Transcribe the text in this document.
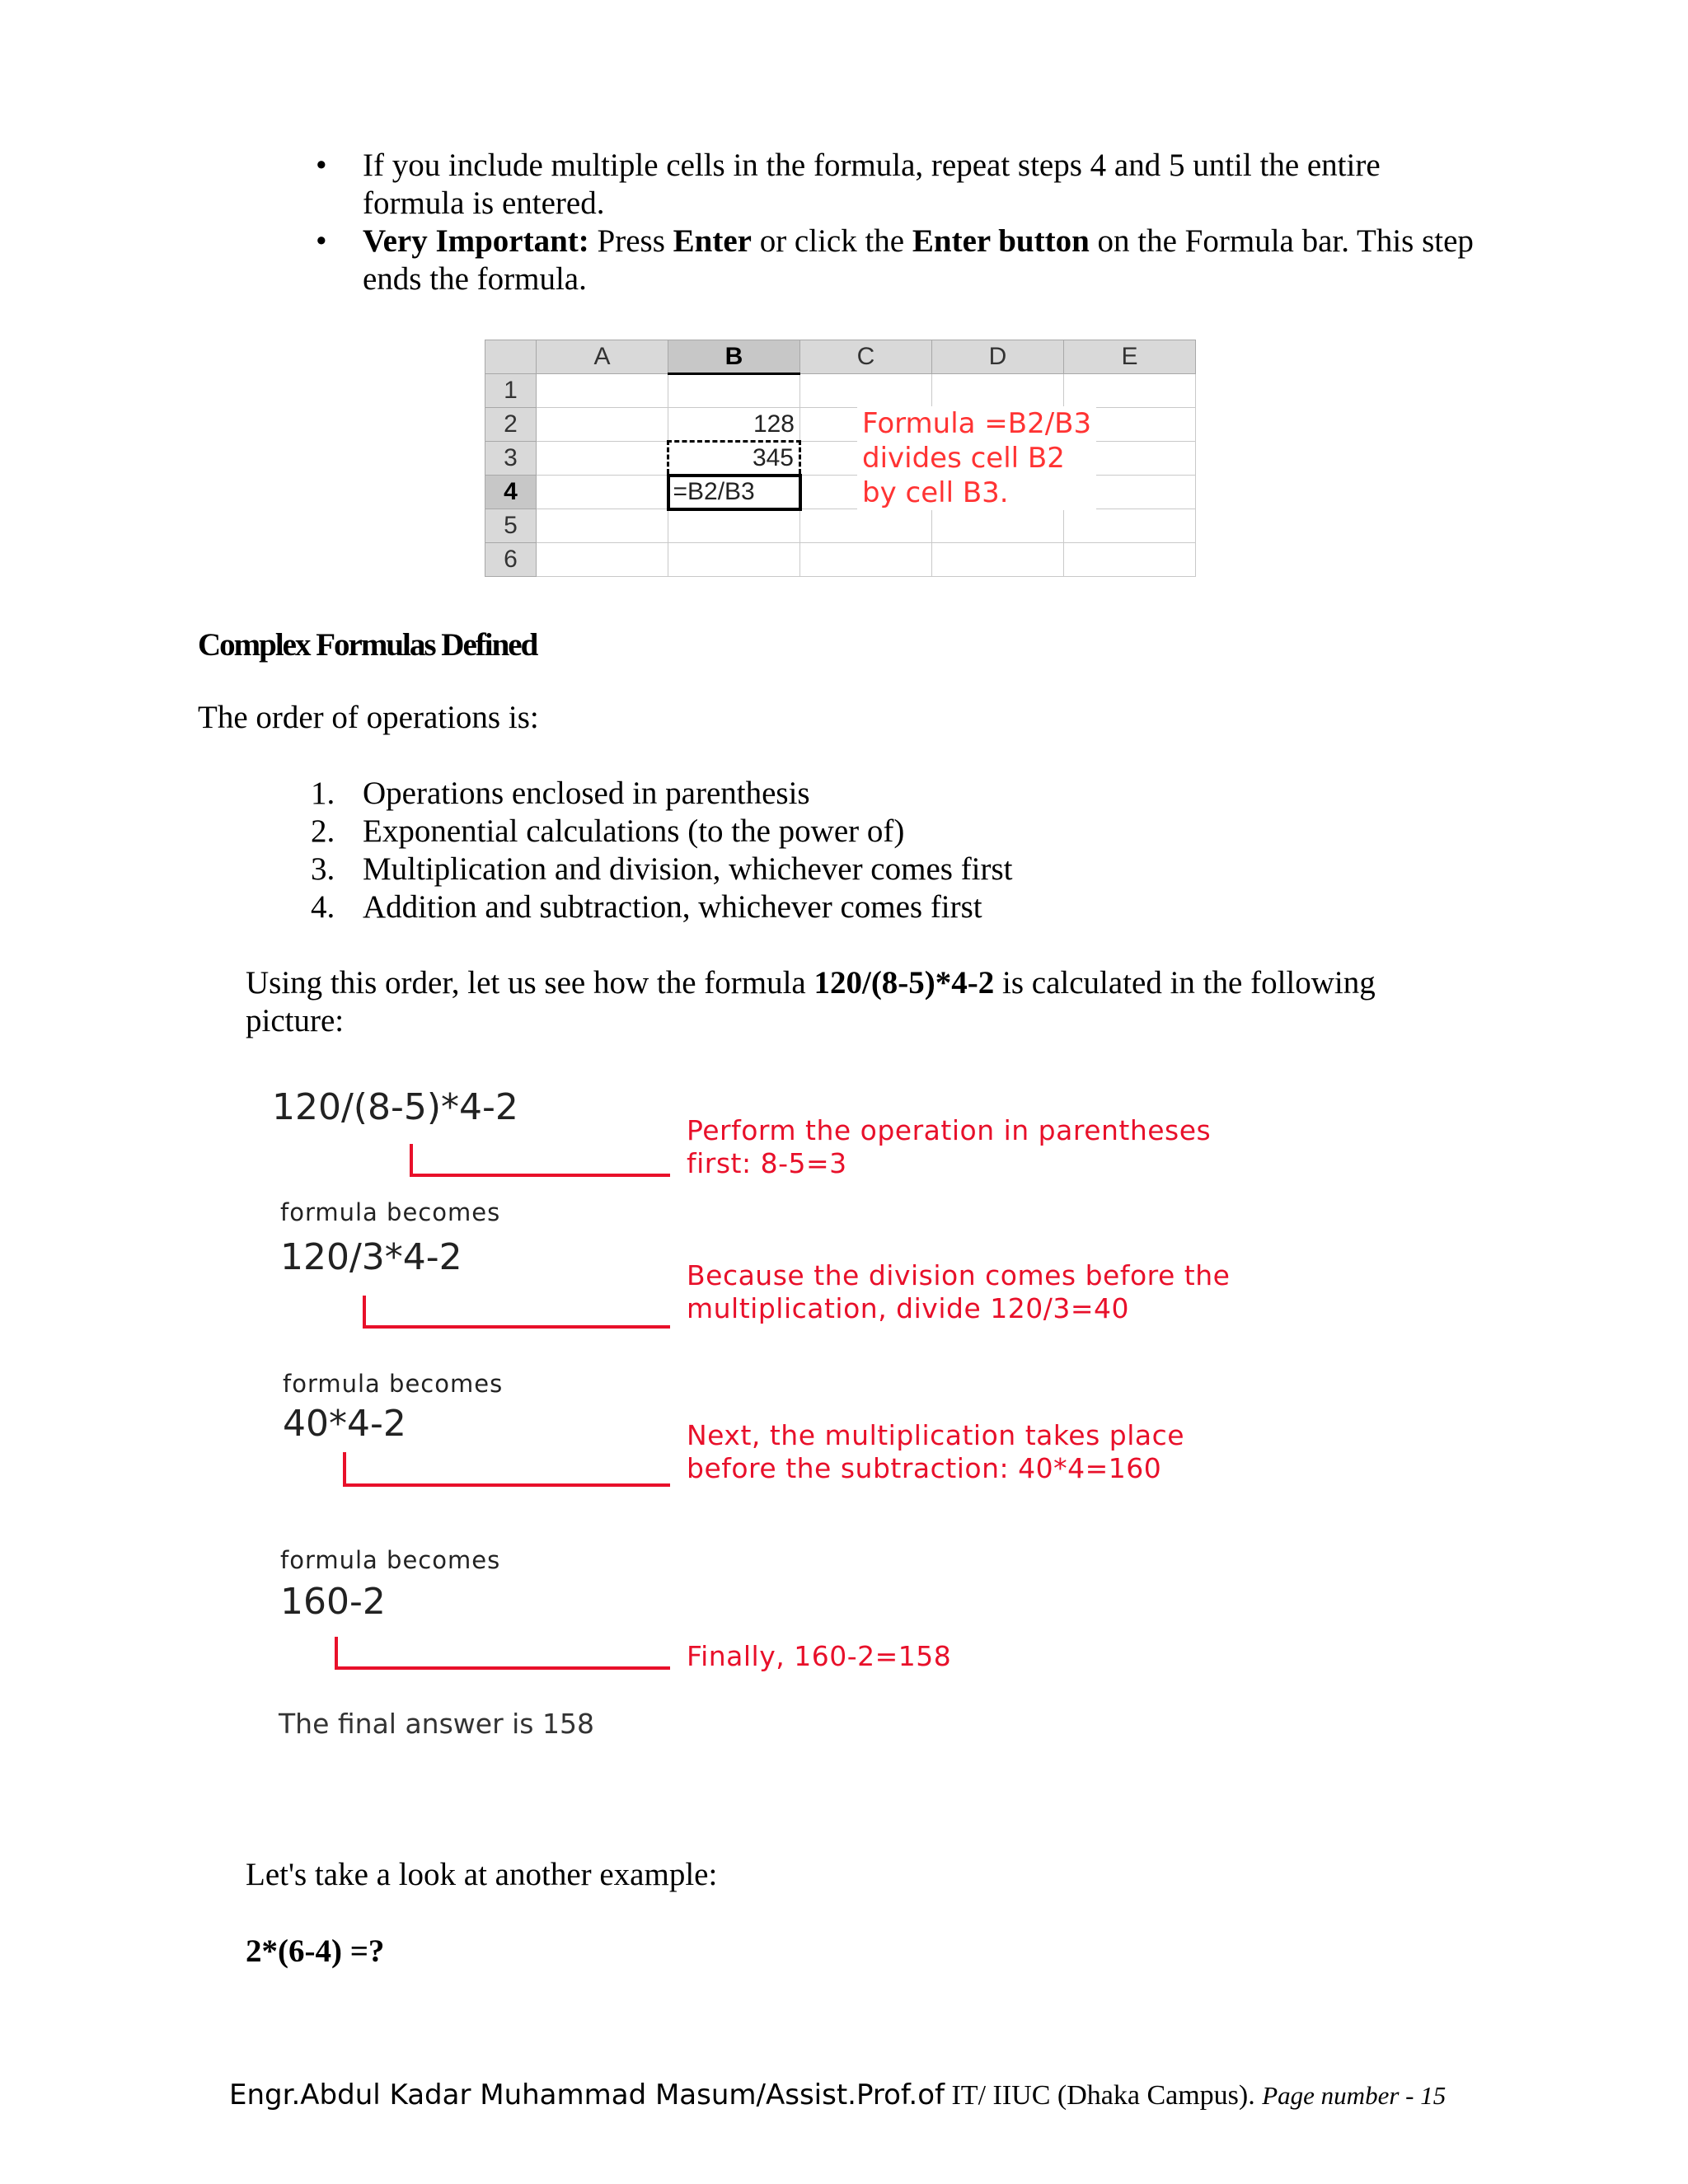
• If you include multiple cells in the formula, repeat steps 4 and 5 until the entire formula is entered.
• Very Important: Press Enter or click the Enter button on the Formula bar. This step ends the formula.
	A	B	C	D	E
1					
2		128			
3		345			
4		=B2/B3			
5					
6					
Formula =B2/B3
divides cell B2
by cell B3.
Complex Formulas Defined
The order of operations is:
1. Operations enclosed in parenthesis
2. Exponential calculations (to the power of)
3. Multiplication and division, whichever comes first
4. Addition and subtraction, whichever comes first
Using this order, let us see how the formula 120/(8-5)*4-2 is calculated in the following picture:
120/(8-5)*4-2
Perform the operation in parentheses
first: 8-5=3
formula becomes
120/3*4-2	Because the division comes before the
multiplication, divide 120/3=40
formula becomes
40*4-2	Next, the multiplication takes place
before the subtraction: 40*4=160
formula becomes
160-2
Finally, 160-2=158
The final answer is 158
Let's take a look at another example:
2*(6-4) =?
Engr.Abdul Kadar Muhammad Masum/Assist.Prof.of IT/ IIUC (Dhaka Campus). Page number - 15
